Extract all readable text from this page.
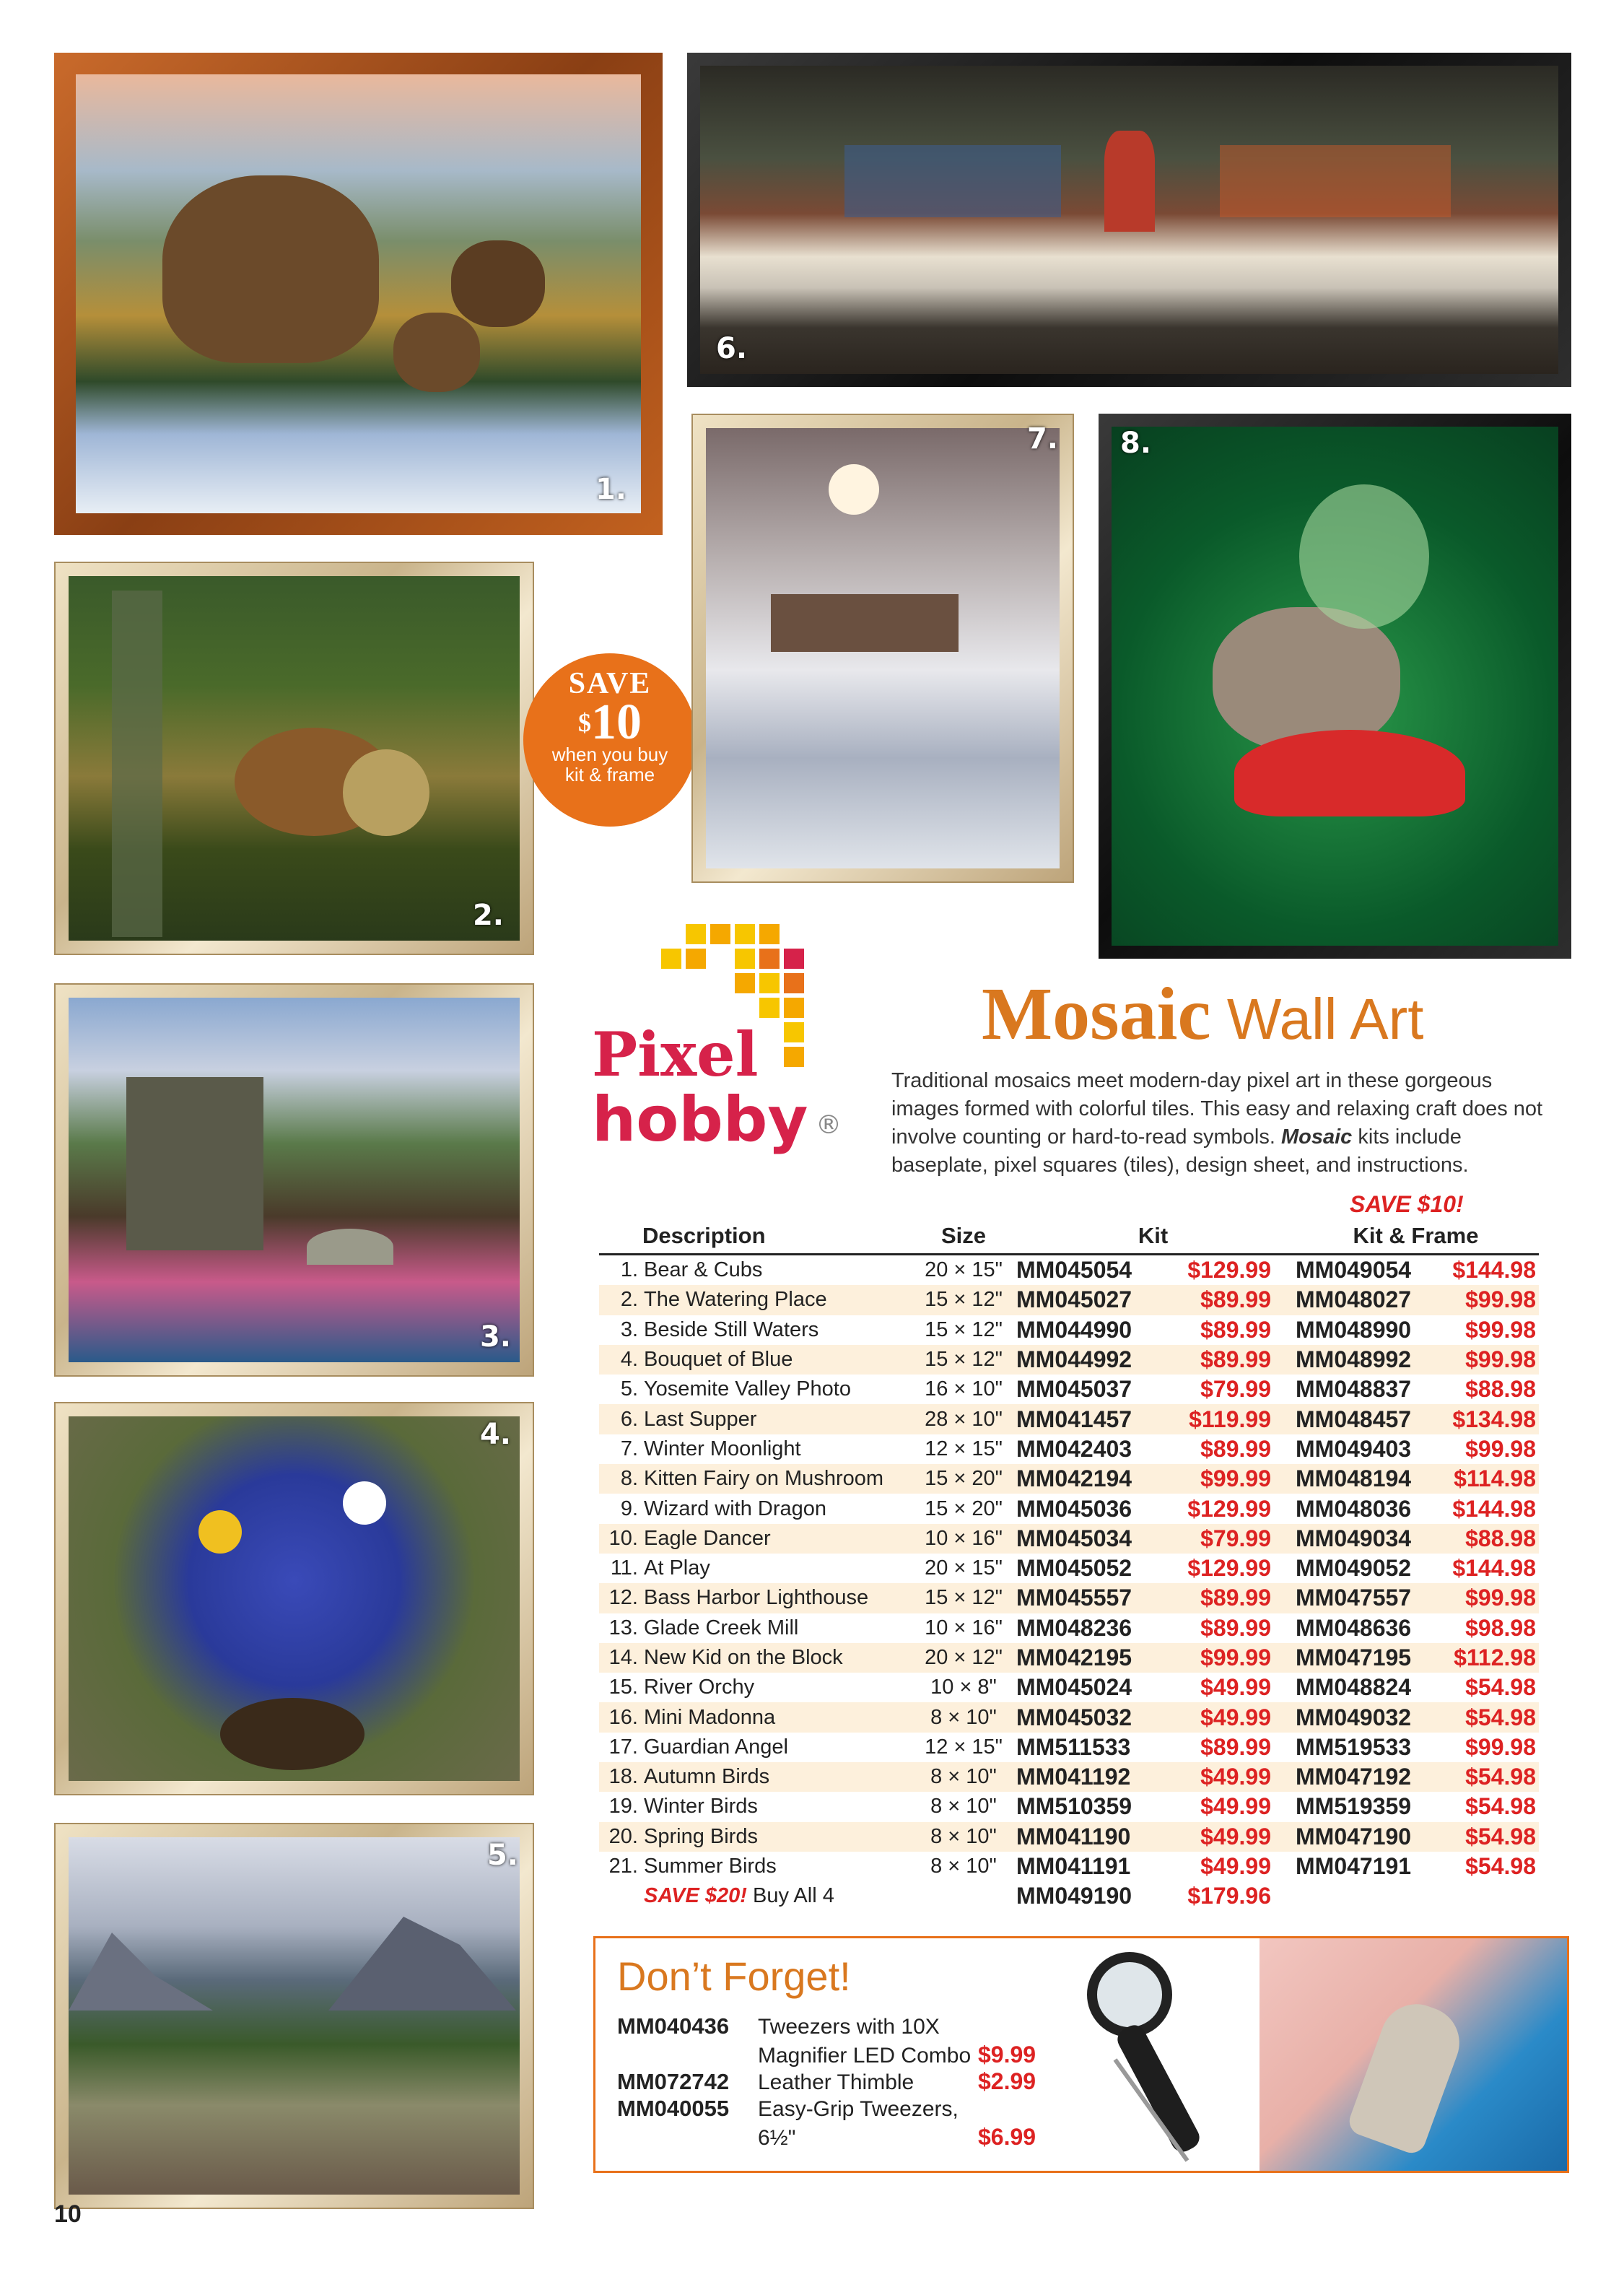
1.
6.
2.
SAVE
$10
when you buy
kit & frame
7. 8.
3.
Pixel
hobby ®
Mosaic Wall Art
Traditional mosaics meet modern-day pixel art in these gorgeous images formed with colorful tiles. This easy and relaxing craft does not involve counting or hard-to-read symbols. Mosaic kits include baseplate, pixel squares (tiles), design sheet, and instructions.
SAVE $10!
Description		Size	Kit		Kit & Frame	
1.	Bear & Cubs	20 × 15"	MM045054	$129.99	MM049054	$144.98
2.	The Watering Place	15 × 12"	MM045027	$89.99	MM048027	$99.98
3.	Beside Still Waters	15 × 12"	MM044990	$89.99	MM048990	$99.98
4.	Bouquet of Blue	15 × 12"	MM044992	$89.99	MM048992	$99.98
5.	Yosemite Valley Photo	16 × 10"	MM045037	$79.99	MM048837	$88.98
6.	Last Supper	28 × 10"	MM041457	$119.99	MM048457	$134.98
7.	Winter Moonlight	12 × 15"	MM042403	$89.99	MM049403	$99.98
8.	Kitten Fairy on Mushroom	15 × 20"	MM042194	$99.99	MM048194	$114.98
9.	Wizard with Dragon	15 × 20"	MM045036	$129.99	MM048036	$144.98
10.	Eagle Dancer	10 × 16"	MM045034	$79.99	MM049034	$88.98
11.	At Play	20 × 15"	MM045052	$129.99	MM049052	$144.98
12.	Bass Harbor Lighthouse	15 × 12"	MM045557	$89.99	MM047557	$99.98
13.	Glade Creek Mill	10 × 16"	MM048236	$89.99	MM048636	$98.98
14.	New Kid on the Block	20 × 12"	MM042195	$99.99	MM047195	$112.98
15.	River Orchy	10 × 8"	MM045024	$49.99	MM048824	$54.98
16.	Mini Madonna	8 × 10"	MM045032	$49.99	MM049032	$54.98
17.	Guardian Angel	12 × 15"	MM511533	$89.99	MM519533	$99.98
18.	Autumn Birds	8 × 10"	MM041192	$49.99	MM047192	$54.98
19.	Winter Birds	8 × 10"	MM510359	$49.99	MM519359	$54.98
20.	Spring Birds	8 × 10"	MM041190	$49.99	MM047190	$54.98
21.	Summer Birds	8 × 10"	MM041191	$49.99	MM047191	$54.98
	SAVE $20! Buy All 4		MM049190	$179.96		
4.
5.
Don’t Forget!
MM040436 Tweezers with 10X
Magnifier LED Combo $9.99
MM072742 Leather Thimble	$2.99
MM040055 Easy-Grip Tweezers,
6½"	$6.99
10
